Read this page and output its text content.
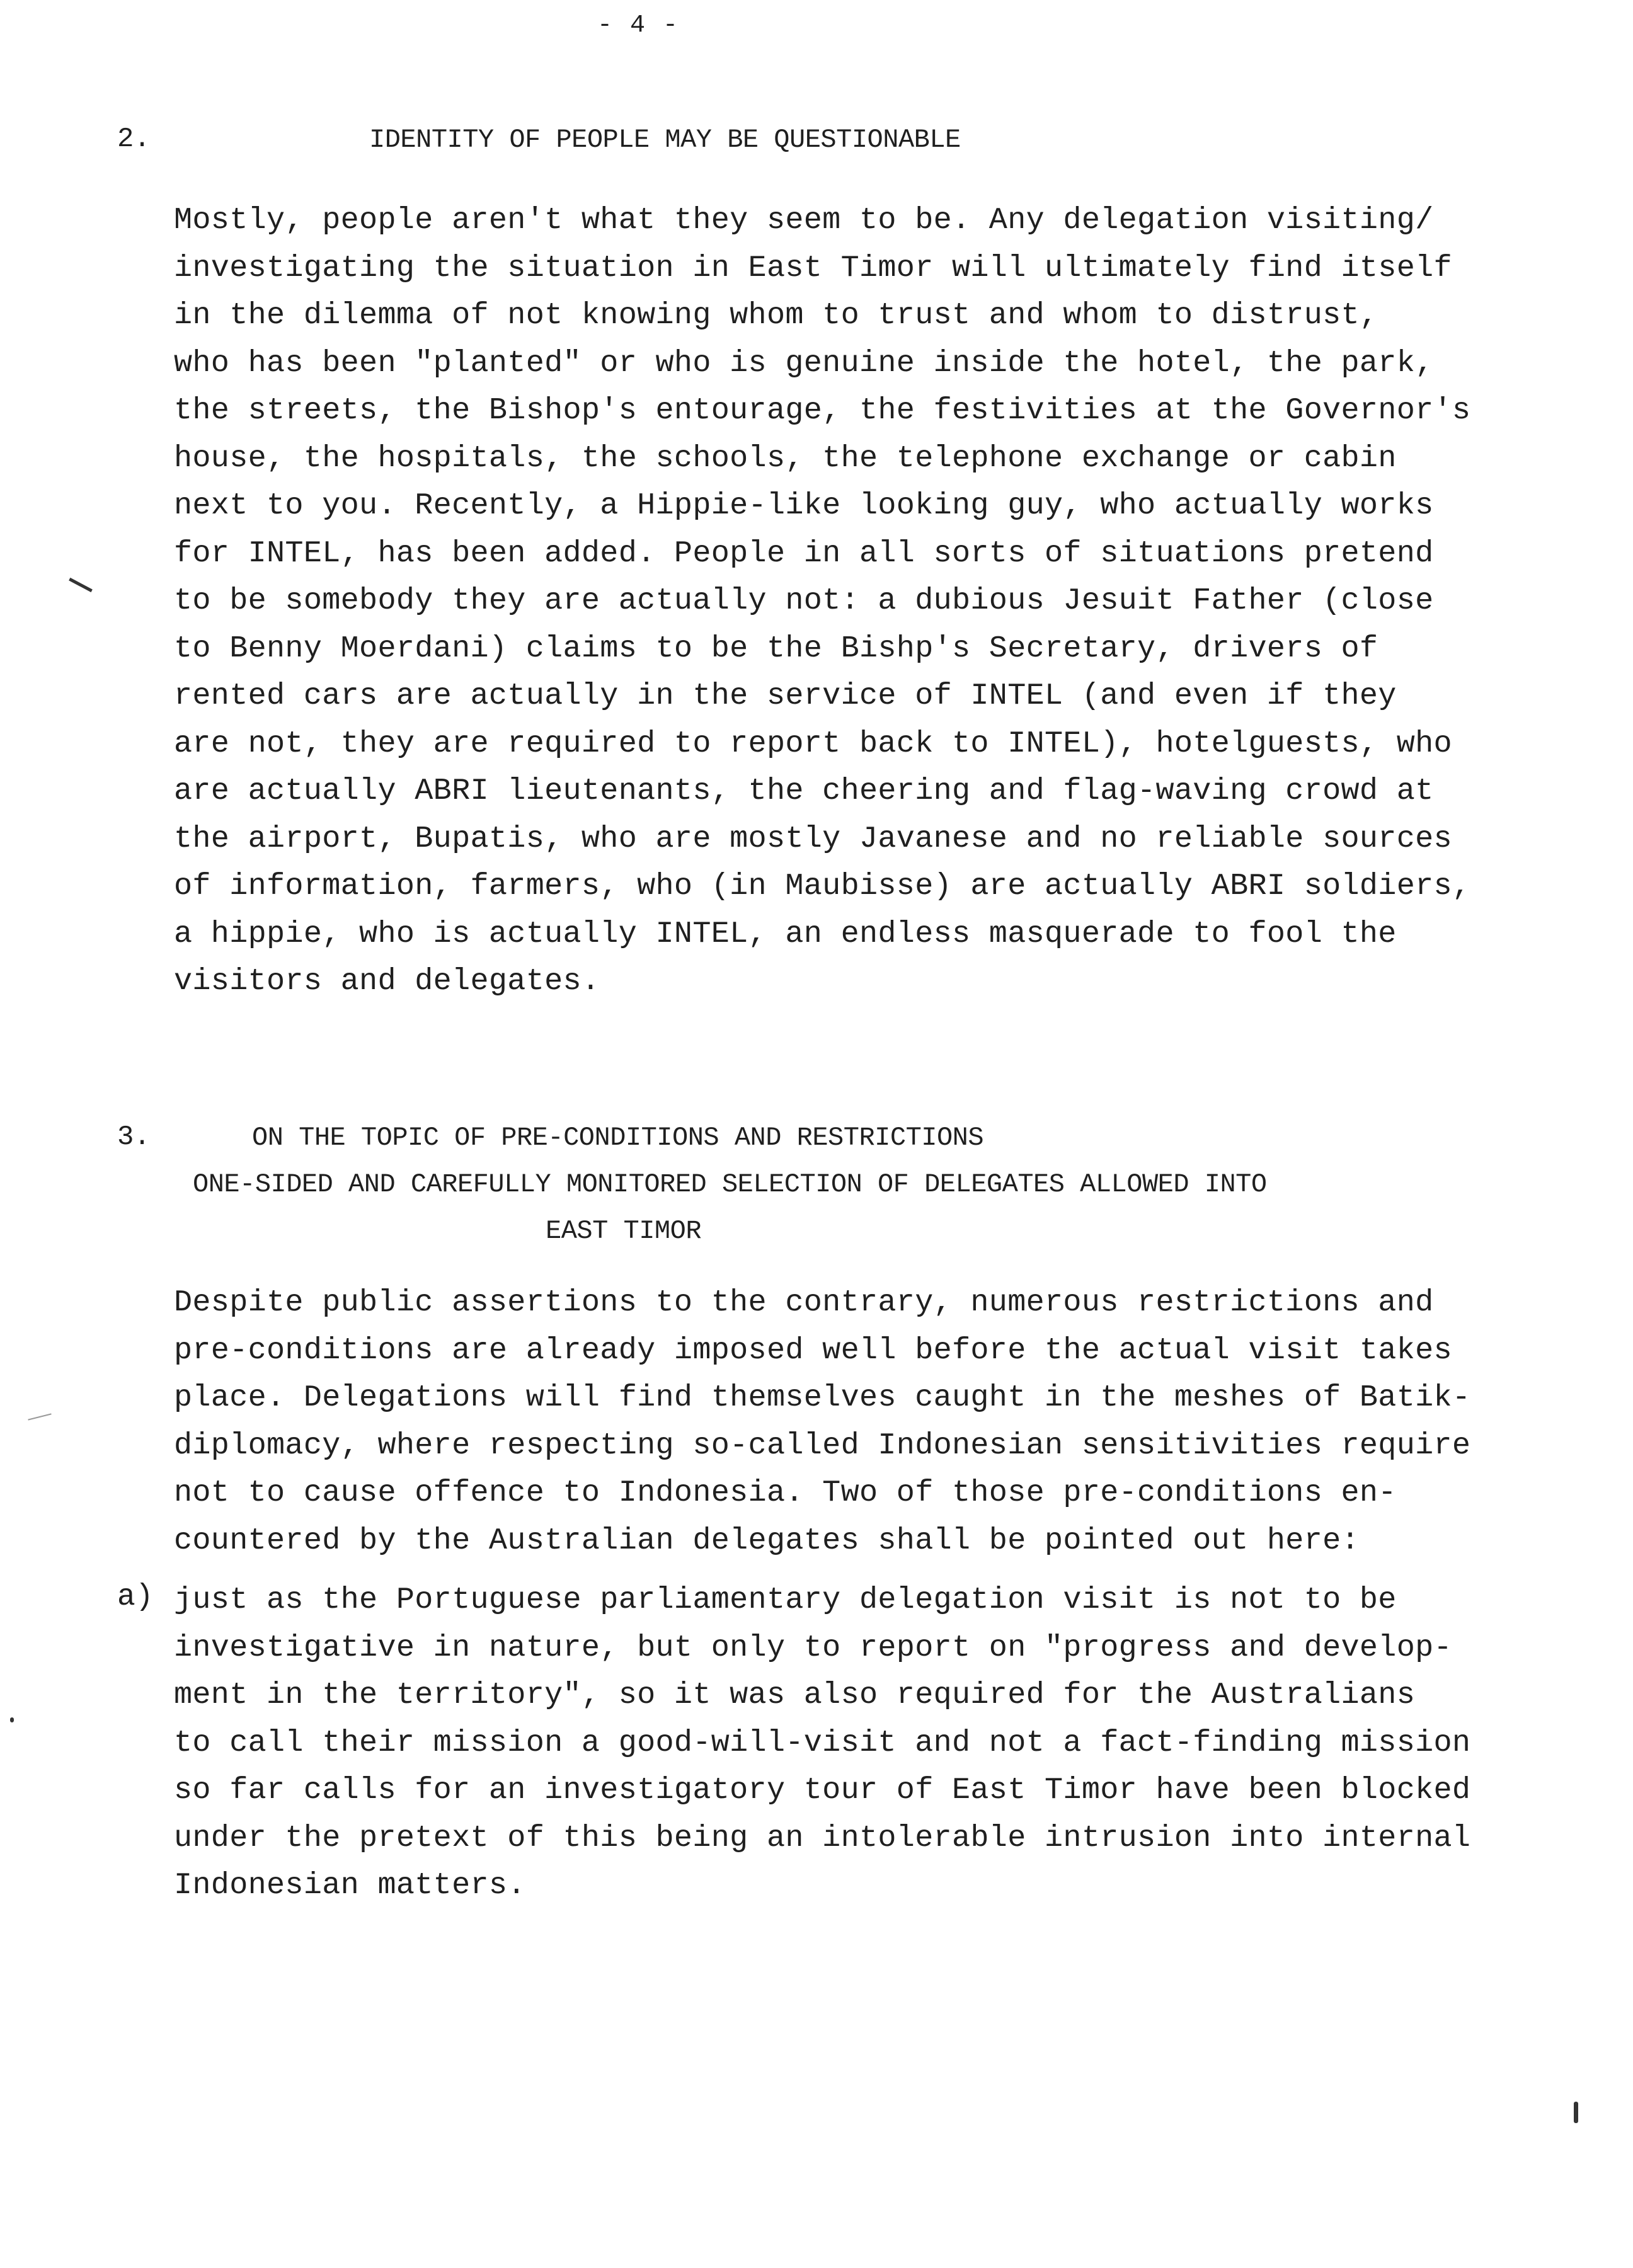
- 4 -
2.	IDENTITY OF PEOPLE MAY BE QUESTIONABLE
Mostly, people aren't what they seem to be. Any delegation visiting/
investigating the situation in East Timor will ultimately find itself
in the dilemma of not knowing whom to trust and whom to distrust,
who has been "planted" or who is genuine inside the hotel, the park,
the streets, the Bishop's entourage, the festivities at the Governor's
house, the hospitals, the schools, the telephone exchange or cabin
next to you. Recently, a Hippie-like looking guy, who actually works
for INTEL, has been added. People in all sorts of situations pretend
to be somebody they are actually not: a dubious Jesuit Father (close
to Benny Moerdani) claims to be the Bishp's Secretary, drivers of
rented cars are actually in the service of INTEL (and even if they
are not, they are required to report back to INTEL), hotelguests, who
are actually ABRI lieutenants, the cheering and flag-waving crowd at
the airport, Bupatis, who are mostly Javanese and no reliable sources
of information, farmers, who (in Maubisse) are actually ABRI soldiers,
a hippie, who is actually INTEL, an endless masquerade to fool the
visitors and delegates.
3.	ON THE TOPIC OF PRE-CONDITIONS AND RESTRICTIONS
ONE-SIDED AND CAREFULLY MONITORED SELECTION OF DELEGATES ALLOWED INTO
EAST TIMOR
Despite public assertions to the contrary, numerous restrictions and
pre-conditions are already imposed well before the actual visit takes
place. Delegations will find themselves caught in the meshes of Batik-
diplomacy, where respecting so-called Indonesian sensitivities require
not to cause offence to Indonesia. Two of those pre-conditions en-
countered by the Australian delegates shall be pointed out here:
a) just as the Portuguese parliamentary delegation visit is not to be
investigative in nature, but only to report on "progress and develop-
ment in the territory", so it was also required for the Australians
to call their mission a good-will-visit and not a fact-finding mission
so far calls for an investigatory tour of East Timor have been blocked
under the pretext of this being an intolerable intrusion into internal
Indonesian matters.
